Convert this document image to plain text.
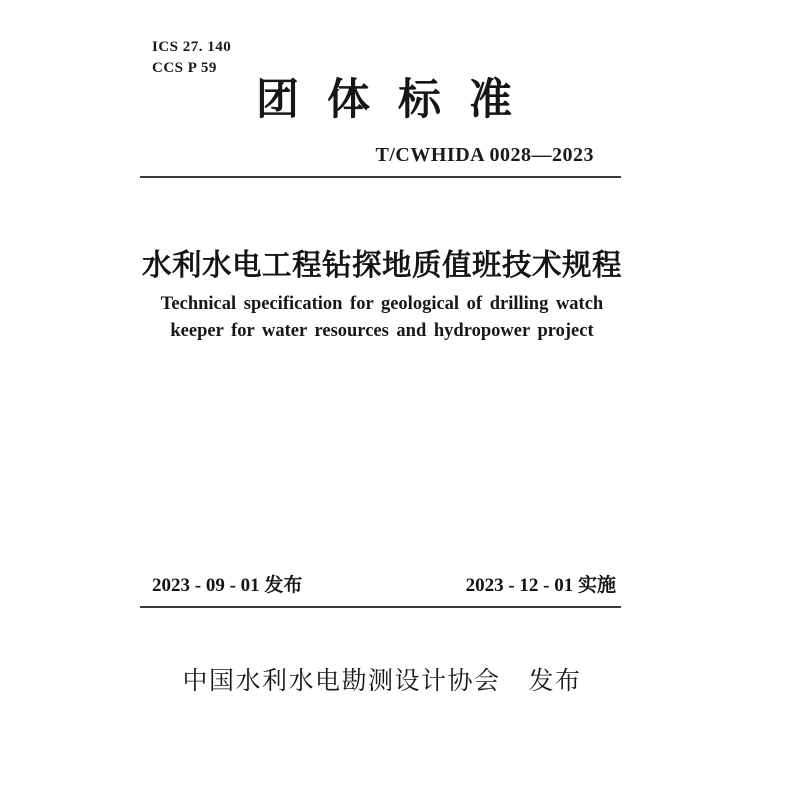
ICS 27. 140
CCS P 59
团体标准
T/CWHIDA 0028—2023
水利水电工程钻探地质值班技术规程
Technical specification for geological of drilling watch
keeper for water resources and hydropower project
2023 - 09 - 01 发布	2023 - 12 - 01 实施
中国水利水电勘测设计协会 发布
